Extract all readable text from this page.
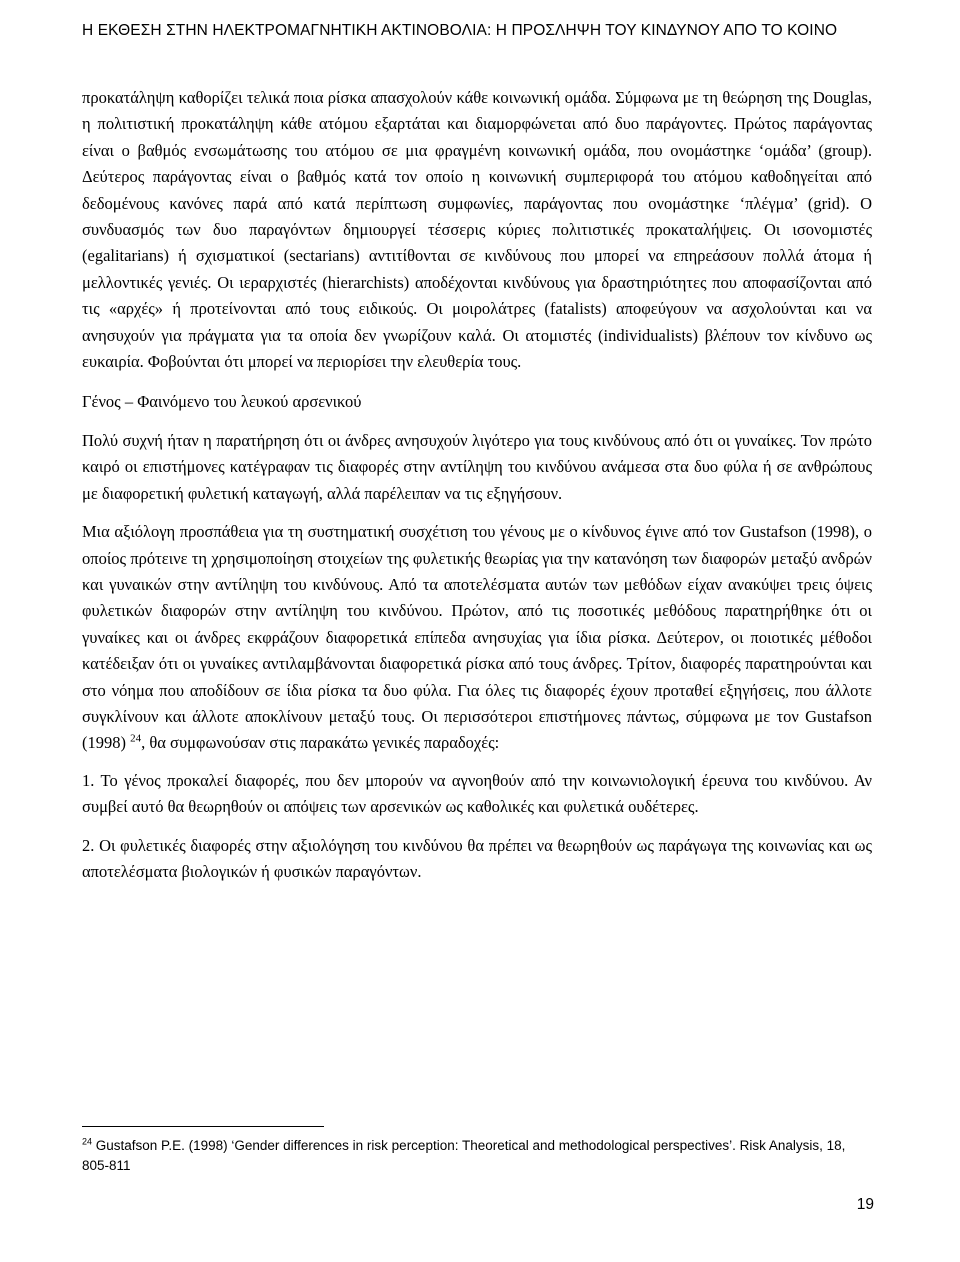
Η ΕΚΘΕΣΗ ΣΤΗΝ ΗΛΕΚΤΡΟΜΑΓΝΗΤΙΚΗ ΑΚΤΙΝΟΒΟΛΙΑ: Η ΠΡΟΣΛΗΨΗ ΤΟΥ ΚΙΝΔΥΝΟΥ ΑΠΟ ΤΟ ΚΟΙΝΟ

προκατάληψη καθορίζει τελικά ποια ρίσκα απασχολούν κάθε κοινωνική ομάδα. Σύμφωνα με τη θεώρηση της Douglas, η πολιτιστική προκατάληψη κάθε ατόμου εξαρτάται και διαμορφώνεται από δυο παράγοντες. Πρώτος παράγοντας είναι ο βαθμός ενσωμάτωσης του ατόμου σε μια φραγμένη κοινωνική ομάδα, που ονομάστηκε ‘ομάδα’ (group). Δεύτερος παράγοντας είναι ο βαθμός κατά τον οποίο η κοινωνική συμπεριφορά του ατόμου καθοδηγείται από δεδομένους κανόνες παρά από κατά περίπτωση συμφωνίες, παράγοντας που ονομάστηκε ‘πλέγμα’ (grid). Ο συνδυασμός των δυο παραγόντων δημιουργεί τέσσερις κύριες πολιτιστικές προκαταλήψεις. Οι ισονομιστές (egalitarians) ή σχισματικοί (sectarians) αντιτίθονται σε κινδύνους που μπορεί να επηρεάσουν πολλά άτομα ή μελλοντικές γενιές. Οι ιεραρχιστές (hierarchists) αποδέχονται κινδύνους για δραστηριότητες που αποφασίζονται από τις «αρχές» ή προτείνονται από τους ειδικούς. Οι μοιρολάτρες (fatalists) αποφεύγουν να ασχολούνται και να ανησυχούν για πράγματα για τα οποία δεν γνωρίζουν καλά. Οι ατομιστές (individualists) βλέπουν τον κίνδυνο ως ευκαιρία. Φοβούνται ότι μπορεί να περιορίσει την ελευθερία τους.

Γένος – Φαινόμενο του λευκού αρσενικού

Πολύ συχνή ήταν η παρατήρηση ότι οι άνδρες ανησυχούν λιγότερο για τους κινδύνους από ότι οι γυναίκες. Τον πρώτο καιρό οι επιστήμονες κατέγραφαν τις διαφορές στην αντίληψη του κινδύνου ανάμεσα στα δυο φύλα ή σε ανθρώπους με διαφορετική φυλετική καταγωγή, αλλά παρέλειπαν να τις εξηγήσουν.

Μια αξιόλογη προσπάθεια για τη συστηματική συσχέτιση του γένους με ο κίνδυνος έγινε από τον Gustafson (1998), ο οποίος πρότεινε τη χρησιμοποίηση στοιχείων της φυλετικής θεωρίας για την κατανόηση των διαφορών μεταξύ ανδρών και γυναικών στην αντίληψη του κινδύνους. Από τα αποτελέσματα αυτών των μεθόδων είχαν ανακύψει τρεις όψεις φυλετικών διαφορών στην αντίληψη του κινδύνου. Πρώτον, από τις ποσοτικές μεθόδους παρατηρήθηκε ότι οι γυναίκες και οι άνδρες εκφράζουν διαφορετικά επίπεδα ανησυχίας για ίδια ρίσκα. Δεύτερον, οι ποιοτικές μέθοδοι κατέδειξαν ότι οι γυναίκες αντιλαμβάνονται διαφορετικά ρίσκα από τους άνδρες. Τρίτον, διαφορές παρατηρούνται και στο νόημα που αποδίδουν σε ίδια ρίσκα τα δυο φύλα. Για όλες τις διαφορές έχουν προταθεί εξηγήσεις, που άλλοτε συγκλίνουν και άλλοτε αποκλίνουν μεταξύ τους. Οι περισσότεροι επιστήμονες πάντως, σύμφωνα με τον Gustafson (1998) $^{24}$, θα συμφωνούσαν στις παρακάτω γενικές παραδοχές:

1. Το γένος προκαλεί διαφορές, που δεν μπορούν να αγνοηθούν από την κοινωνιολογική έρευνα του κινδύνου. Αν συμβεί αυτό θα θεωρηθούν οι απόψεις των αρσενικών ως καθολικές και φυλετικά ουδέτερες.

2. Οι φυλετικές διαφορές στην αξιολόγηση του κινδύνου θα πρέπει να θεωρηθούν ως παράγωγα της κοινωνίας και ως αποτελέσματα βιολογικών ή φυσικών παραγόντων.

$^{24}$ Gustafson P.E. (1998) ‘Gender differences in risk perception: Theoretical and methodological perspectives’. Risk Analysis, 18, 805-811
19
